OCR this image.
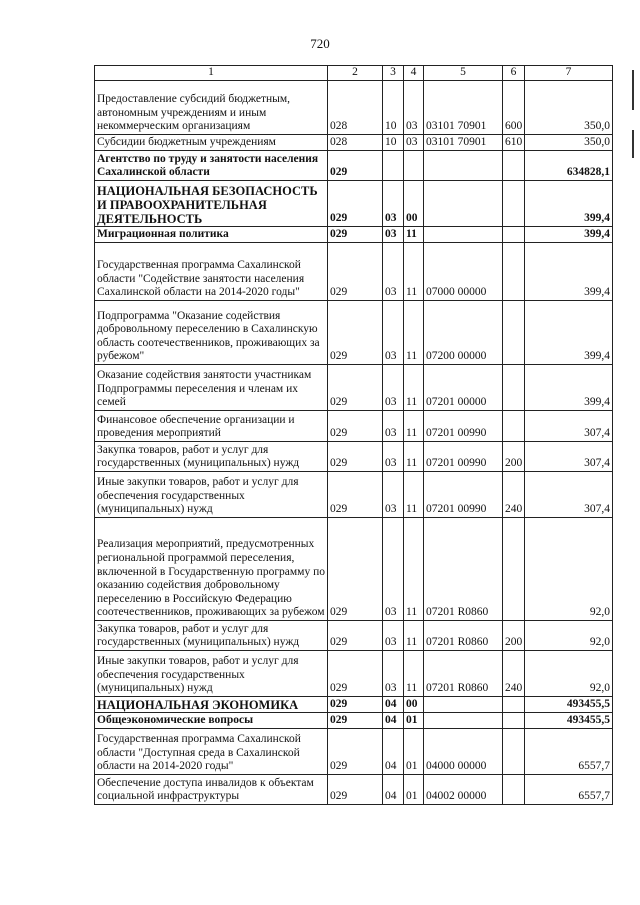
720
1	2	3	4	5	6	7
Предоставление субсидий бюджетным, автономным учреждениям и иным некоммерческим организациям	028	10	03	03101 70901	600	350,0
Субсидии бюджетным учреждениям	028	10	03	03101 70901	610	350,0
Агентство по труду и занятости населения Сахалинской области	029					634828,1
НАЦИОНАЛЬНАЯ БЕЗОПАСНОСТЬ И ПРАВООХРАНИТЕЛЬНАЯ ДЕЯТЕЛЬНОСТЬ	029	03	00			399,4
Миграционная политика	029	03	11			399,4
Государственная программа Сахалинской области "Содействие занятости населения Сахалинской области на 2014-2020 годы"	029	03	11	07000 00000		399,4
Подпрограмма "Оказание содействия добровольному переселению в Сахалинскую область соотечественников, проживающих за рубежом"	029	03	11	07200 00000		399,4
Оказание содействия занятости участникам Подпрограммы переселения и членам их семей	029	03	11	07201 00000		399,4
Финансовое обеспечение организации и проведения мероприятий	029	03	11	07201 00990		307,4
Закупка товаров, работ и услуг для государственных (муниципальных) нужд	029	03	11	07201 00990	200	307,4
Иные закупки товаров, работ и услуг для обеспечения государственных (муниципальных) нужд	029	03	11	07201 00990	240	307,4
Реализация мероприятий, предусмотренных региональной программой переселения, включенной в Государственную программу по оказанию содействия добровольному переселению в Российскую Федерацию соотечественников, проживающих за рубежом	029	03	11	07201 R0860		92,0
Закупка товаров, работ и услуг для государственных (муниципальных) нужд	029	03	11	07201 R0860	200	92,0
Иные закупки товаров, работ и услуг для обеспечения государственных (муниципальных) нужд	029	03	11	07201 R0860	240	92,0
НАЦИОНАЛЬНАЯ ЭКОНОМИКА	029	04	00			493455,5
Общеэкономические вопросы	029	04	01			493455,5
Государственная программа Сахалинской области "Доступная среда в Сахалинской области на 2014-2020 годы"	029	04	01	04000 00000		6557,7
Обеспечение доступа инвалидов к объектам социальной инфраструктуры	029	04	01	04002 00000		6557,7
